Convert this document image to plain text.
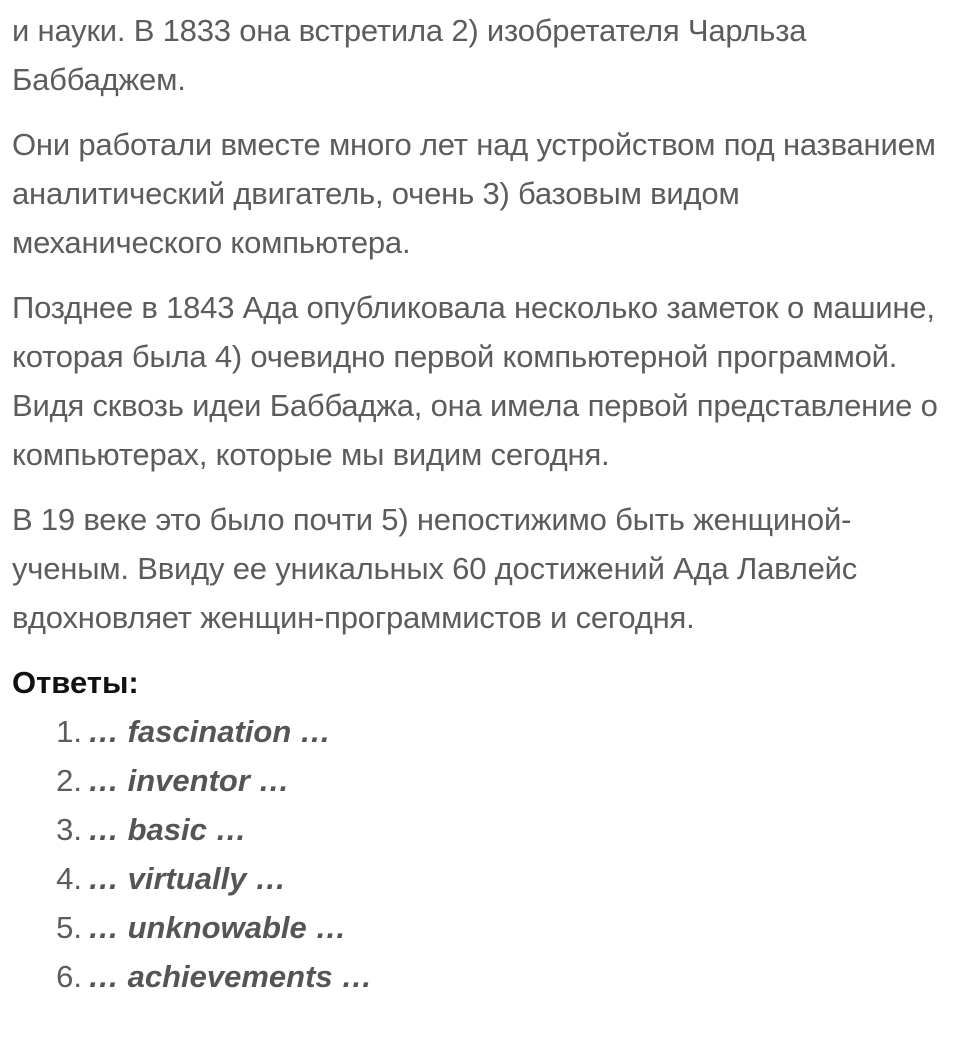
и науки. В 1833 она встретила 2) изобретателя Чарльза Баббаджем.

Они работали вместе много лет над устройством под названием аналитический двигатель, очень 3) базовым видом механического компьютера.

Позднее в 1843 Ада опубликовала несколько заметок о машине, которая была 4) очевидно первой компьютерной программой. Видя сквозь идеи Баббаджа, она имела первой представление о компьютерах, которые мы видим сегодня.

В 19 веке это было почти 5) непостижимо быть женщиной-ученым. Ввиду ее уникальных 60 достижений Ада Лавлейс вдохновляет женщин-программистов и сегодня.

Ответы:
1. … fascination …
2. … inventor …
3. … basic …
4. … virtually …
5. … unknowable …
6. … achievements …
